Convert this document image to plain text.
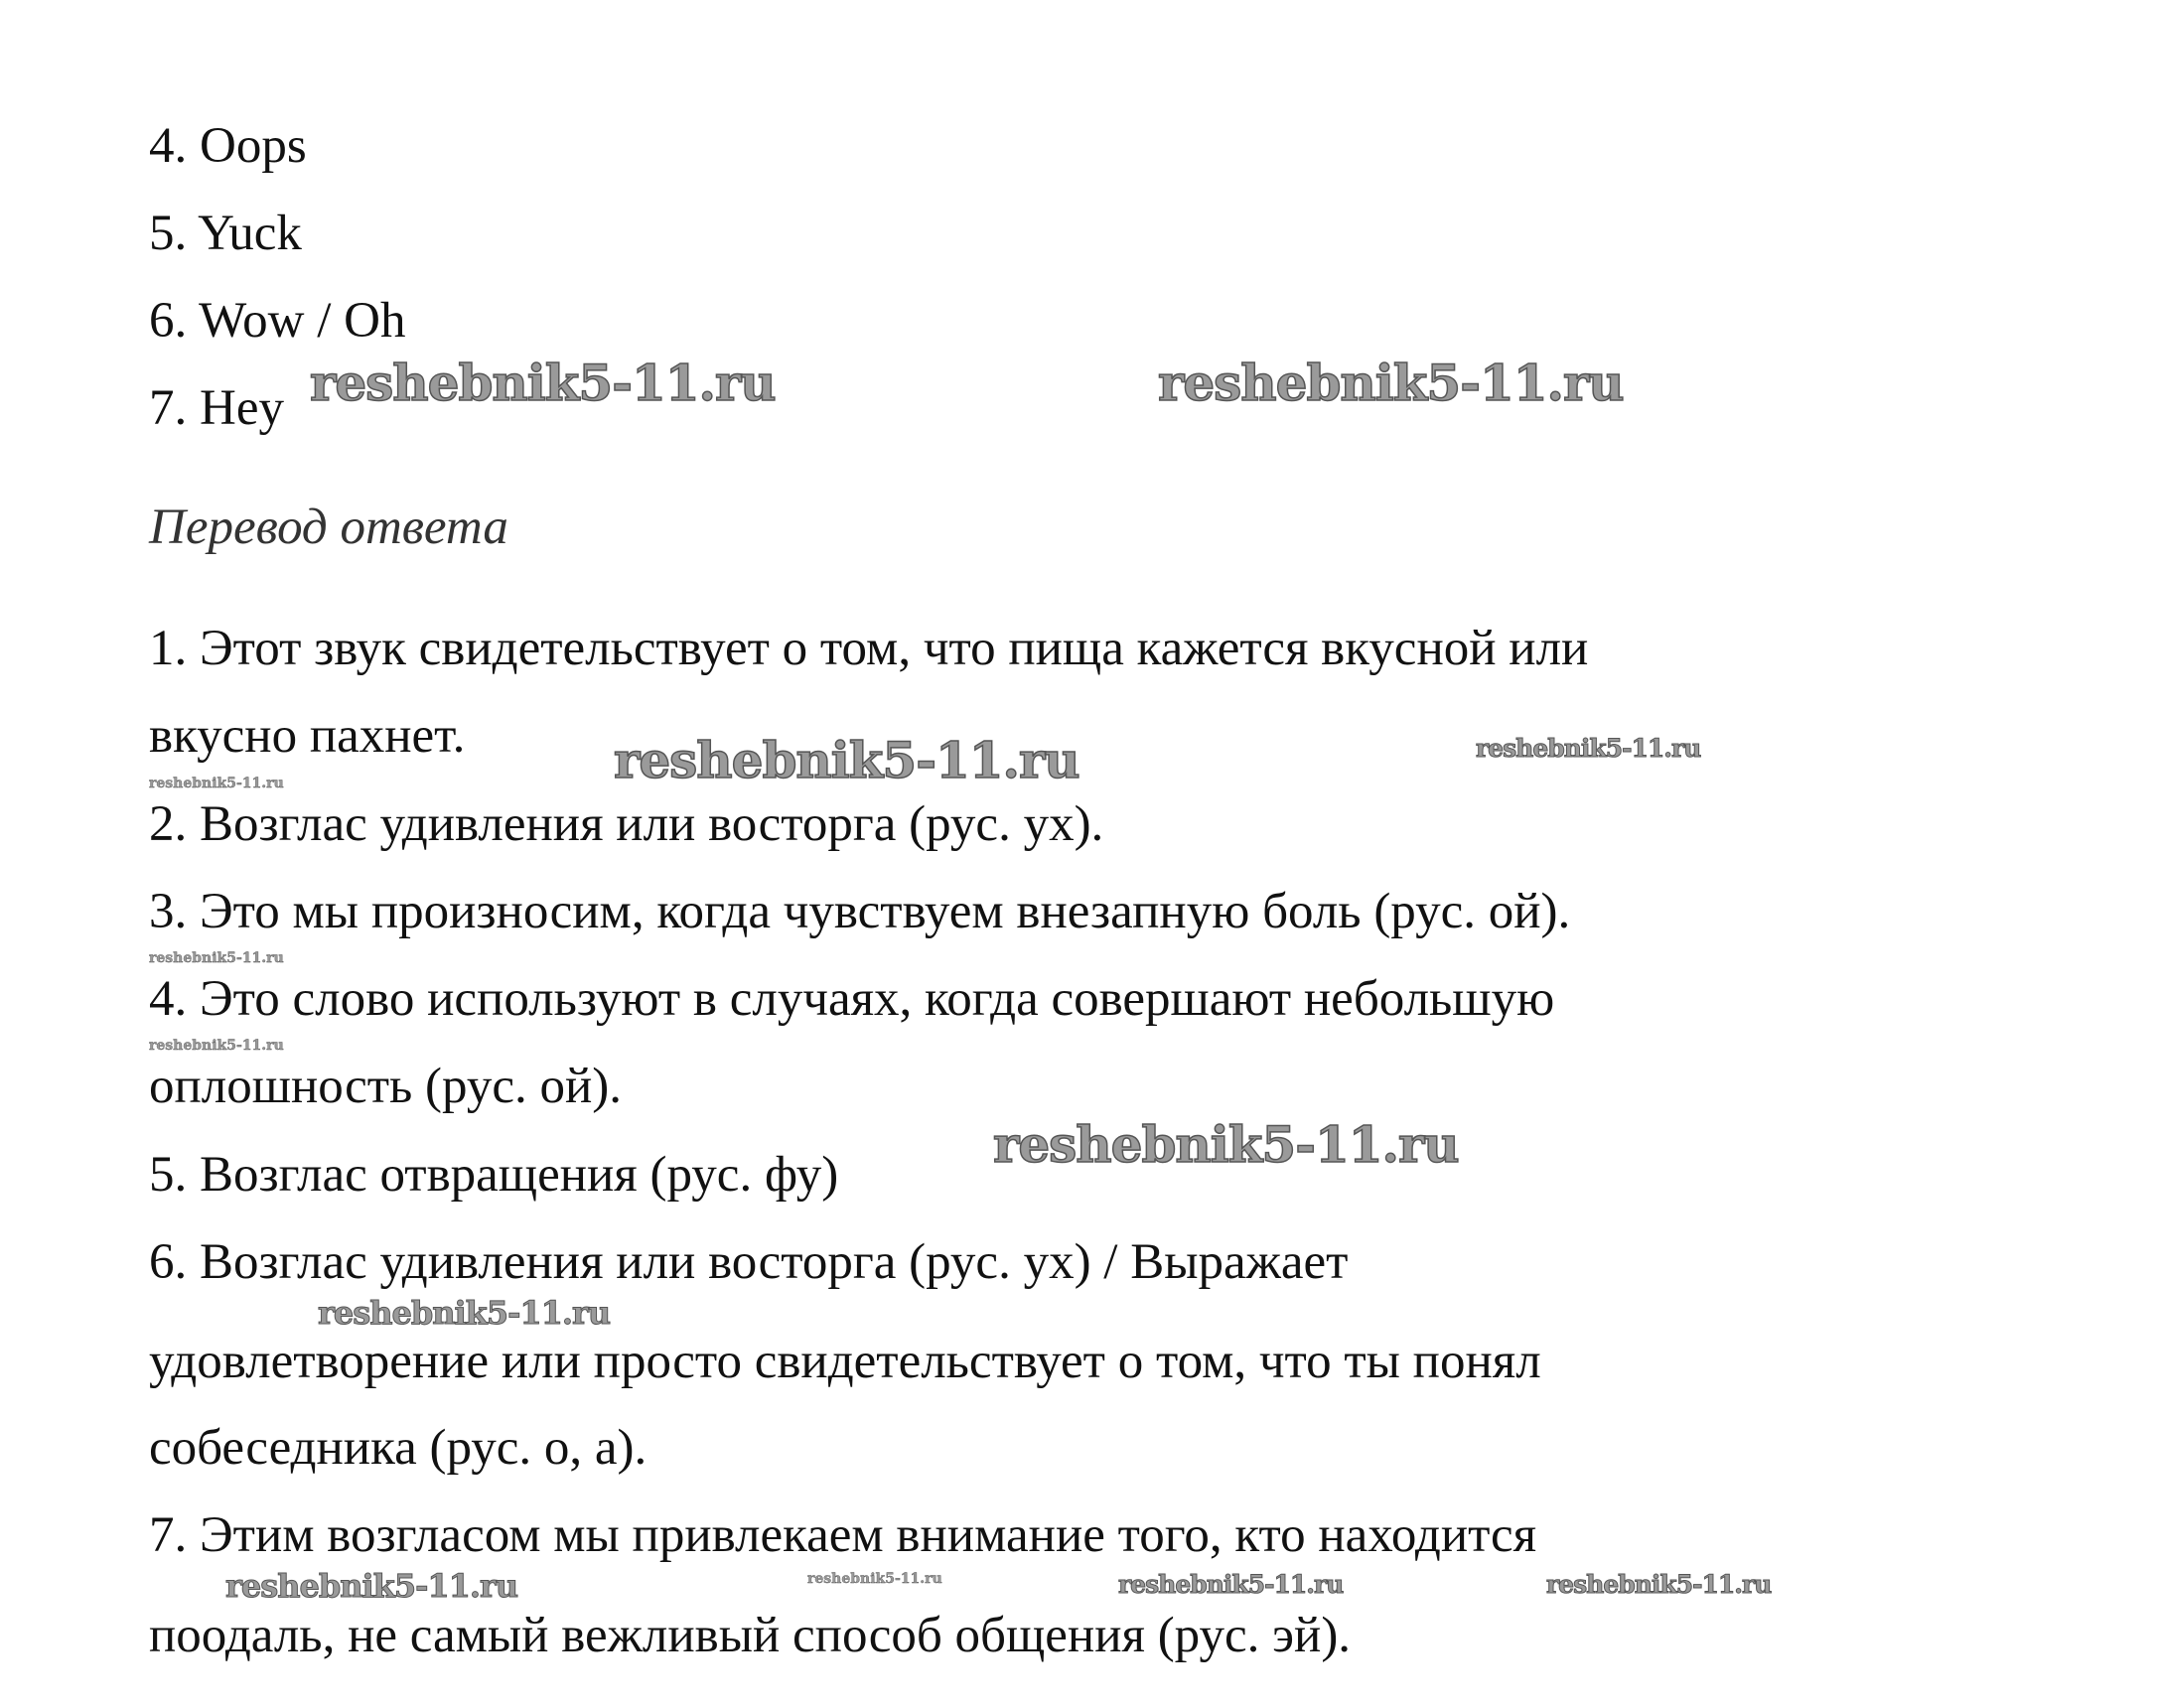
4. Oops
5. Yuck
6. Wow / Oh
7. Hey
Перевод ответа
1. Этот звук свидетельствует о том, что пища кажется вкусной или
вкусно пахнет.
2. Возглас удивления или восторга (рус. ух).
3. Это мы произносим, когда чувствуем внезапную боль (рус. ой).
4. Это слово используют в случаях, когда совершают небольшую
оплошность (рус. ой).
5. Возглас отвращения (рус. фу)
6. Возглас удивления или восторга (рус. ух) / Выражает
удовлетворение или просто свидетельствует о том, что ты понял
собеседника (рус. о, а).
7. Этим возгласом мы привлекаем внимание того, кто находится
поодаль, не самый вежливый способ общения (рус. эй).
reshebnik5-11.ru	reshebnik5-11.ru
reshebnik5-11.ru	reshebnik5-11.ru
reshebnik5-11.ru
reshebnik5-11.ru
reshebnik5-11.ru
reshebnik5-11.ru
reshebnik5-11.ru
reshebnik5-11.ru	reshebnik5-11.ru	reshebnik5-11.ru	reshebnik5-11.ru
